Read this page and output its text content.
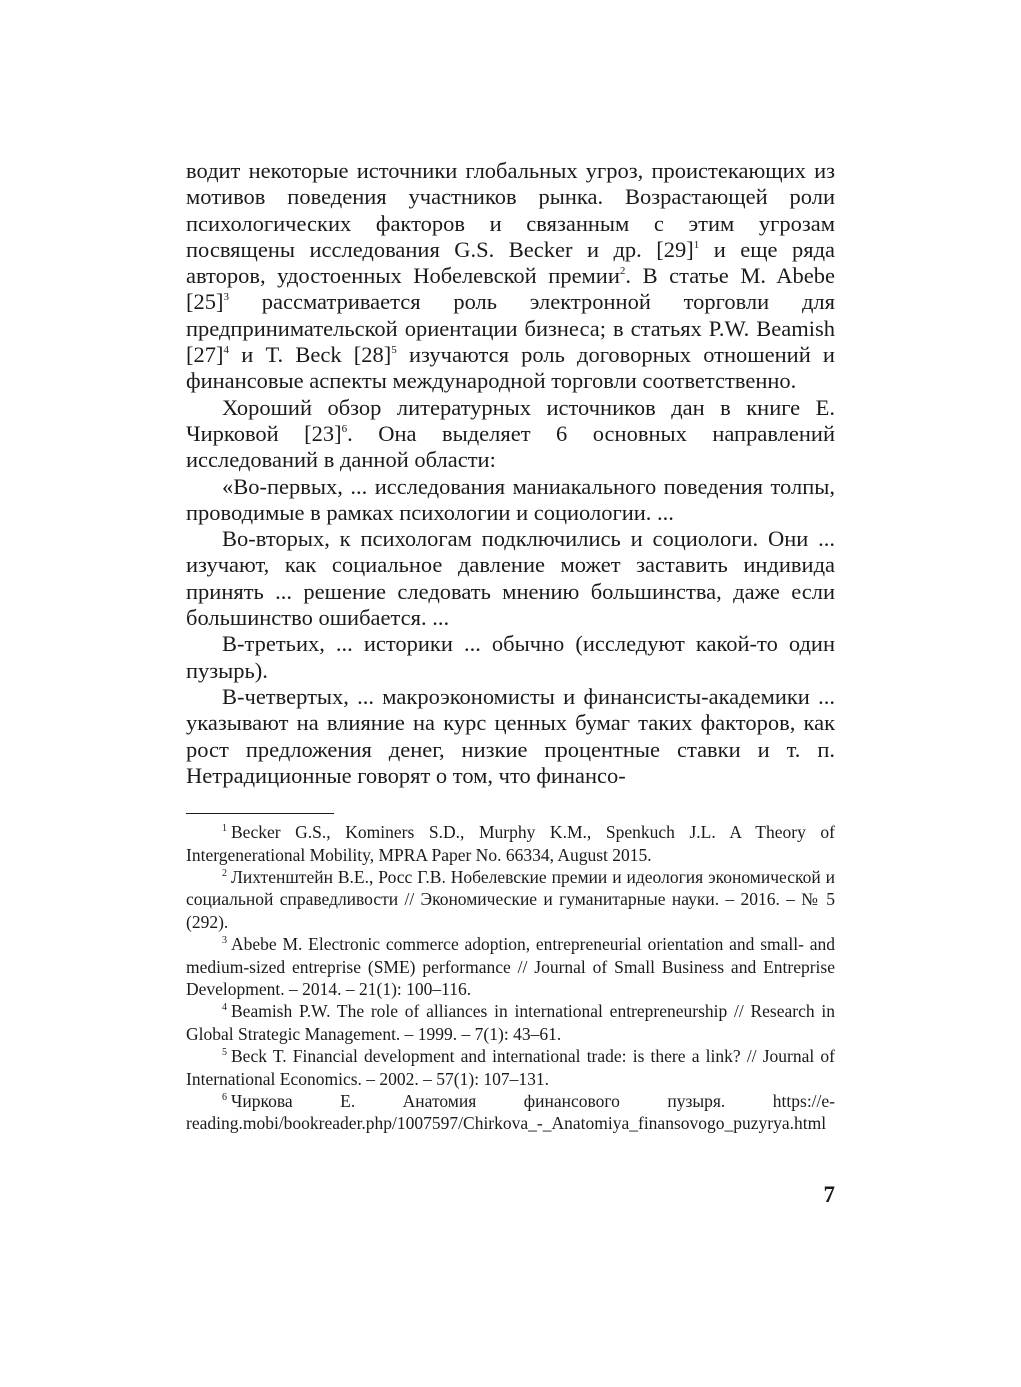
водит некоторые источники глобальных угроз, проистекающих из мотивов поведения участников рынка. Возрастающей роли психологических факторов и связанным с этим угрозам посвящены исследования G.S. Becker и др. $[29]^1$ и еще ряда авторов, удостоенных Нобелевской премии$^2$. В статье M. Abebe $[25]^3$ рассматривается роль электронной торговли для предпринимательской ориентации бизнеса; в статьях P.W. Beamish $[27]^4$ и T. Beck $[28]^5$ изучаются роль договорных отношений и финансовые аспекты международной торговли соответственно.

Хороший обзор литературных источников дан в книге Е. Чирковой $[23]^6$. Она выделяет 6 основных направлений исследований в данной области:

«Во-первых, ... исследования маниакального поведения толпы, проводимые в рамках психологии и социологии. ...

Во-вторых, к психологам подключились и социологи. Они ... изучают, как социальное давление может заставить индивида принять ... решение следовать мнению большинства, даже если большинство ошибается. ...

В-третьих, ... историки ... обычно (исследуют какой-то один пузырь).

В-четвертых, ... макроэкономисты и финансисты-академики ... указывают на влияние на курс ценных бумаг таких факторов, как рост предложения денег, низкие процентные ставки и т. п. Нетрадиционные говорят о том, что финансо-

$^1$ Becker G.S., Kominers S.D., Murphy K.M., Spenkuch J.L. A Theory of Intergenerational Mobility, MPRA Paper No. 66334, August 2015.

$^2$ Лихтенштейн В.Е., Росс Г.В. Нобелевские премии и идеология экономической и социальной справедливости // Экономические и гуманитарные науки. – 2016. – № 5 (292).

$^3$ Abebe M. Electronic commerce adoption, entrepreneurial orientation and small- and medium-sized entreprise (SME) performance // Journal of Small Business and Entreprise Development. – 2014. – 21(1): 100–116.

$^4$ Beamish P.W. The role of alliances in international entrepreneurship // Research in Global Strategic Management. – 1999. – 7(1): 43–61.

$^5$ Beck T. Financial development and international trade: is there a link? // Journal of International Economics. – 2002. – 57(1): 107–131.

$^6$ Чиркова Е. Анатомия финансового пузыря. https://e-reading.mobi/bookreader.php/1007597/Chirkova_-_Anatomiya_finansovogo_puzyrya.html

7
